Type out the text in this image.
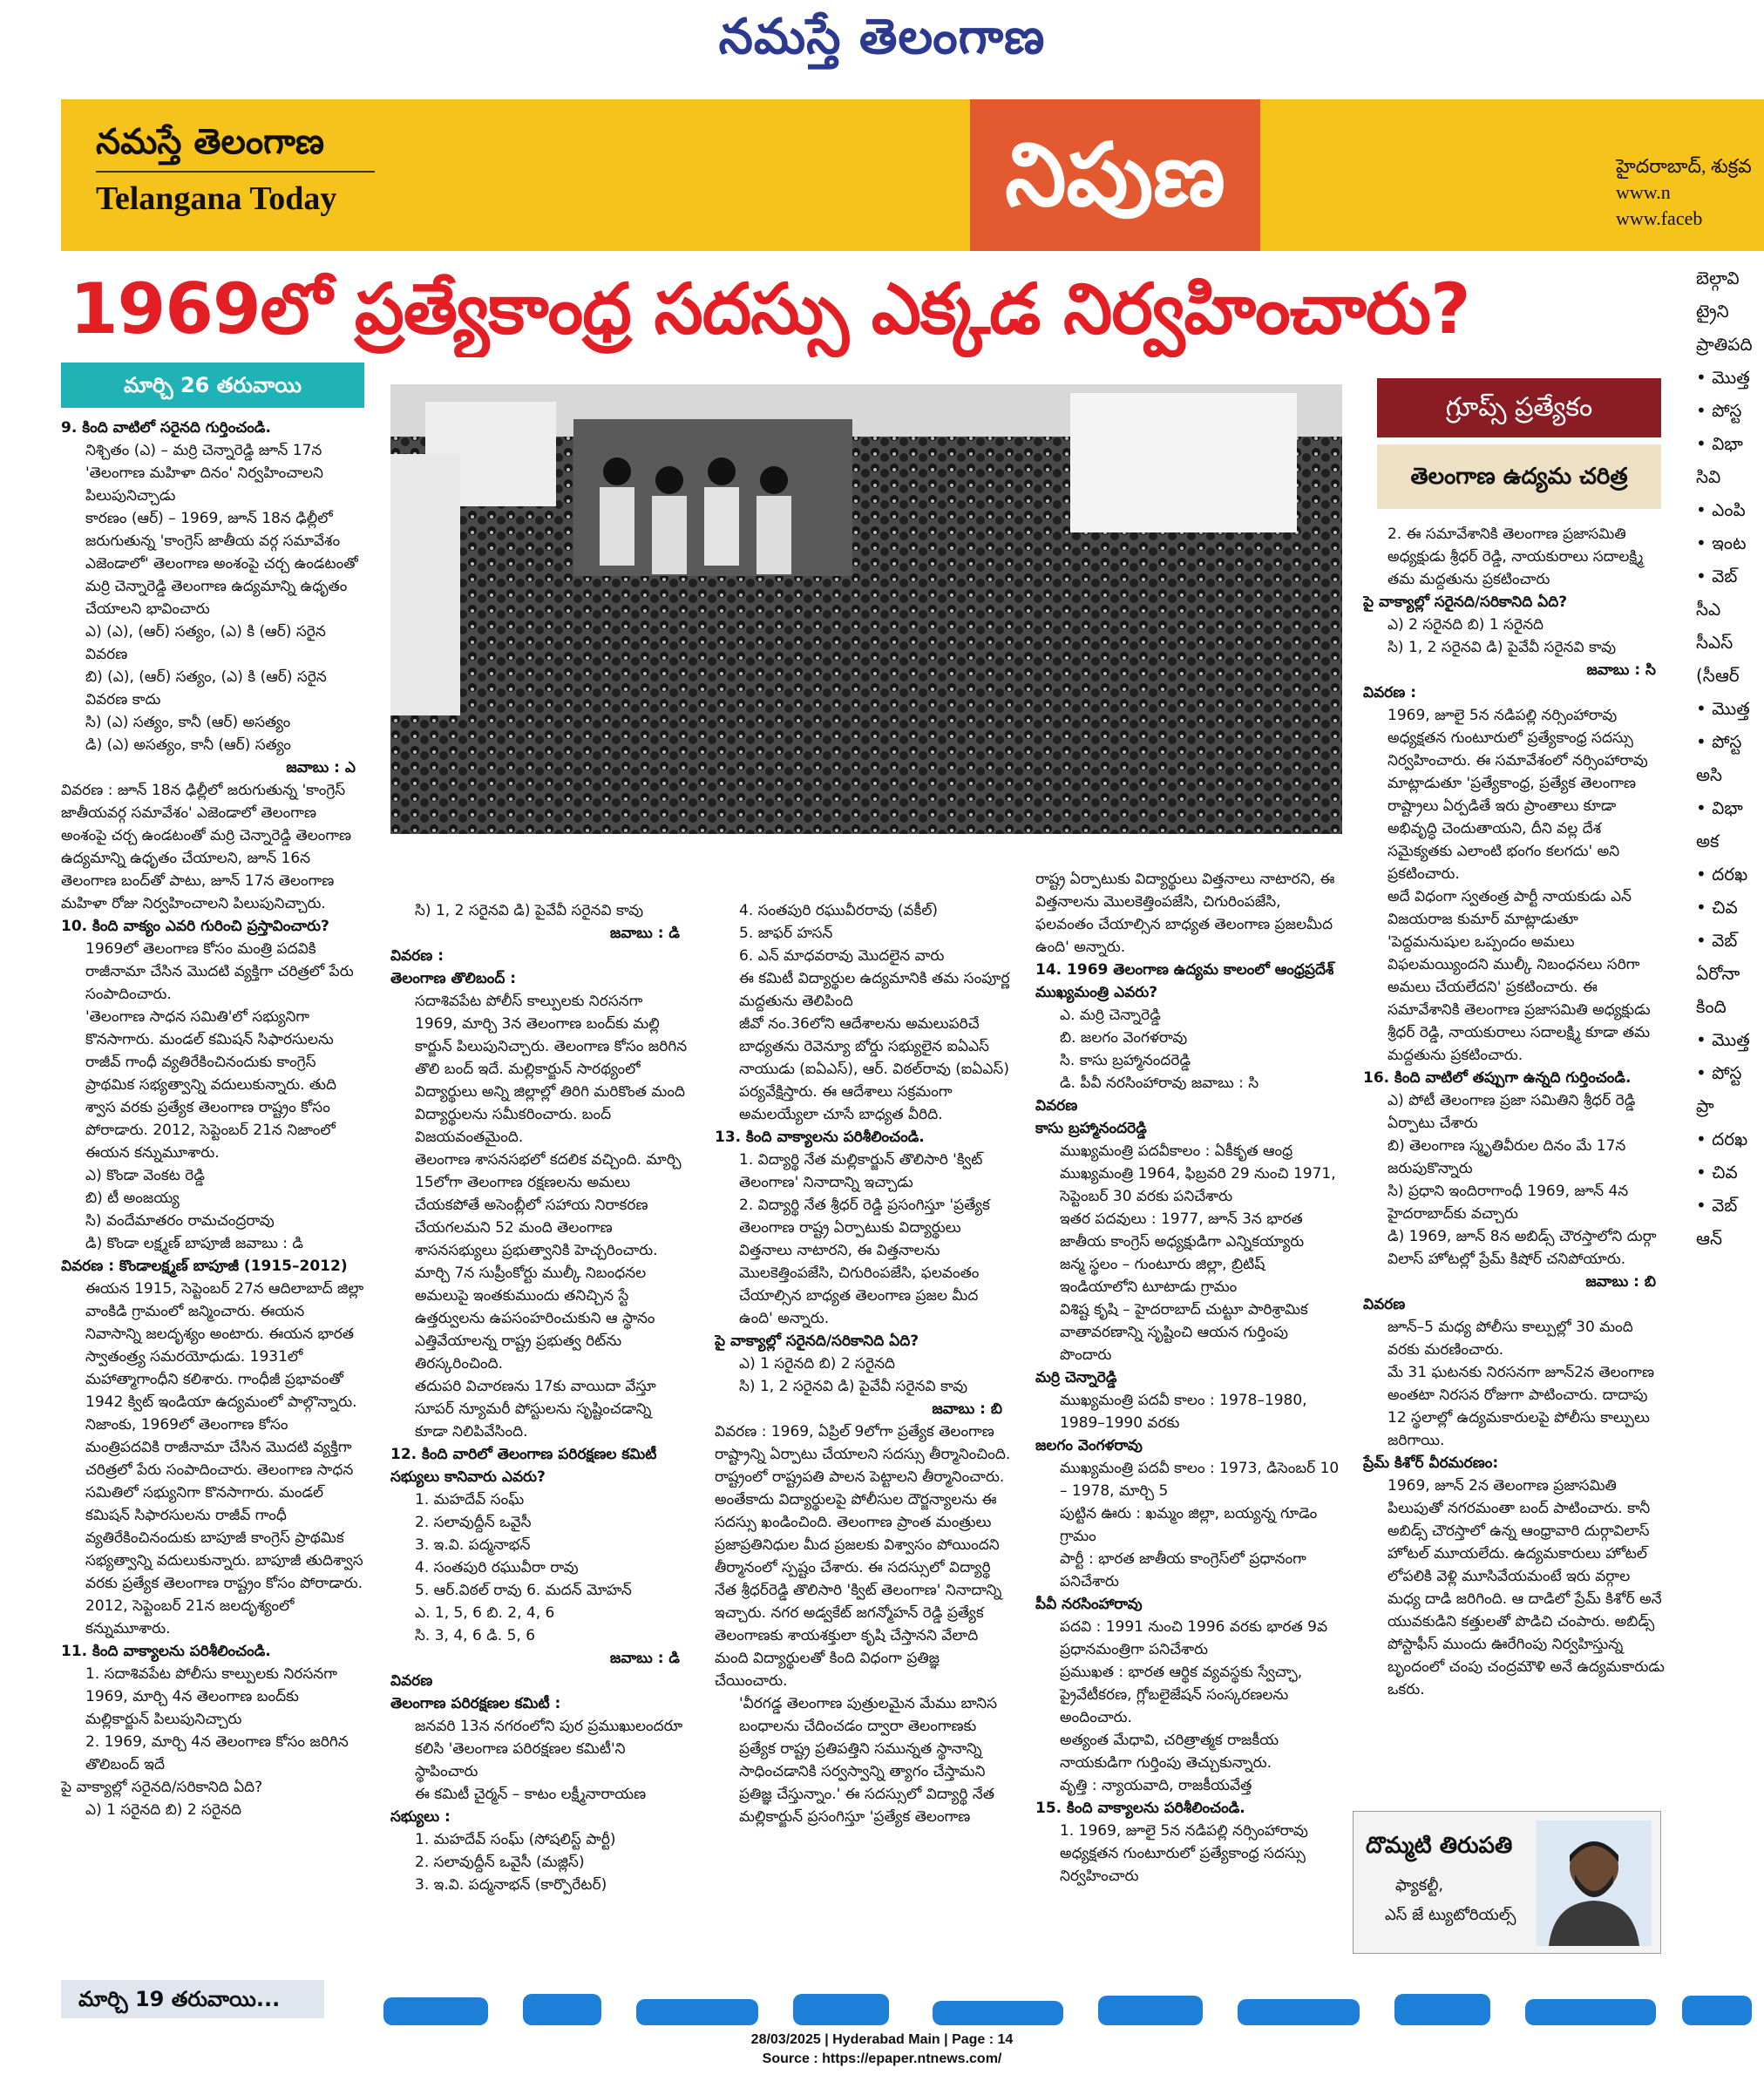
నమస్తే తెలంగాణ
నమస్తే తెలంగాణ
Telangana Today	నిపుణ	హైదరాబాద్, శుక్రవ
www.n
www.faceb
1969లో ప్రత్యేకాంధ్ర సదస్సు ఎక్కడ నిర్వహించారు?
మార్చి 26 తరువాయి
గ్రూప్స్ ప్రత్యేకం
తెలంగాణ ఉద్యమ చరిత్ర

9. కింది వాటిలో సరైనది గుర్తించండి.

నిశ్చితం (ఎ) – మర్రి చెన్నారెడ్డి జూన్ 17న 'తెలంగాణ మహిళా దినం' నిర్వహించాలని పిలుపునిచ్చాడు

కారణం (ఆర్) – 1969, జూన్ 18న ఢిల్లీలో జరుగుతున్న 'కాంగ్రెస్ జాతీయ వర్గ సమావేశం ఎజెండాలో' తెలంగాణ అంశంపై చర్చ ఉండటంతో మర్రి చెన్నారెడ్డి తెలంగాణ ఉద్యమాన్ని ఉధృతం చేయాలని భావించారు

ఎ) (ఎ), (ఆర్) సత్యం, (ఎ) కి (ఆర్) సరైన వివరణ

బి) (ఎ), (ఆర్) సత్యం, (ఎ) కి (ఆర్) సరైన వివరణ కాదు

సి) (ఎ) సత్యం, కానీ (ఆర్) అసత్యం

డి) (ఎ) అసత్యం, కానీ (ఆర్) సత్యం

జవాబు : ఎ

వివరణ : జూన్ 18న ఢిల్లీలో జరుగుతున్న 'కాంగ్రెస్ జాతీయవర్గ సమావేశం' ఎజెండాలో తెలంగాణ అంశంపై చర్చ ఉండటంతో మర్రి చెన్నారెడ్డి తెలంగాణ ఉద్యమాన్ని ఉధృతం చేయాలని, జూన్ 16న తెలంగాణ బంద్‌తో పాటు, జూన్ 17న తెలంగాణ మహిళా రోజు నిర్వహించాలని పిలుపునిచ్చారు.

10. కింది వాక్యం ఎవరి గురించి ప్రస్తావించారు?

1969లో తెలంగాణ కోసం మంత్రి పదవికి రాజీనామా చేసిన మొదటి వ్యక్తిగా చరిత్రలో పేరు సంపాదించారు.

'తెలంగాణ సాధన సమితి'లో సభ్యునిగా కొనసాగారు. మండల్ కమిషన్ సిఫారసులను రాజీవ్ గాంధీ వ్యతిరేకించినందుకు కాంగ్రెస్ ప్రాథమిక సభ్యత్వాన్ని వదులుకున్నారు. తుది శ్వాస వరకు ప్రత్యేక తెలంగాణ రాష్ట్రం కోసం పోరాడారు. 2012, సెప్టెంబర్ 21న నిజాంలో ఈయన కన్నుమూశారు.

ఎ) కొండా వెంకట రెడ్డి

బి) టీ అంజయ్య

సి) వందేమాతరం రామచంద్రరావు

డి) కొండా లక్ష్మణ్ బాపూజీ జవాబు : డి

వివరణ : కొండాలక్ష్మణ్ బాపూజీ (1915–2012)

ఈయన 1915, సెప్టెంబర్ 27న ఆదిలాబాద్ జిల్లా వాంకిడి గ్రామంలో జన్మించారు. ఈయన నివాసాన్ని జలదృశ్యం అంటారు. ఈయన భారత స్వాతంత్ర్య సమరయోధుడు. 1931లో మహాత్మాగాంధీని కలిశారు. గాంధీజీ ప్రభావంతో 1942 క్విట్ ఇండియా ఉద్యమంలో పాల్గొన్నారు. నిజాంకు, 1969లో తెలంగాణ కోసం మంత్రిపదవికి రాజీనామా చేసిన మొదటి వ్యక్తిగా చరిత్రలో పేరు సంపాదించారు. తెలంగాణ సాధన సమితిలో సభ్యునిగా కొనసాగారు. మండల్ కమిషన్ సిఫారసులను రాజీవ్ గాంధీ వ్యతిరేకించినందుకు బాపూజీ కాంగ్రెస్ ప్రాథమిక సభ్యత్వాన్ని వదులుకున్నారు. బాపూజీ తుదిశ్వాస వరకు ప్రత్యేక తెలంగాణ రాష్ట్రం కోసం పోరాడారు. 2012, సెప్టెంబర్ 21న జలదృశ్యంలో కన్నుమూశారు.

11. కింది వాక్యాలను పరిశీలించండి.

1. సదాశివపేట పోలీసు కాల్పులకు నిరసనగా 1969, మార్చి 4న తెలంగాణ బంద్‌కు మల్లికార్జున్ పిలుపునిచ్చారు

2. 1969, మార్చి 4న తెలంగాణ కోసం జరిగిన తొలిబంద్ ఇదే

పై వాక్యాల్లో సరైనది/సరికానిది ఏది?

ఎ) 1 సరైనది బి) 2 సరైనది

సి) 1, 2 సరైనవి డి) పైవేవీ సరైనవి కావు

జవాబు : డి

వివరణ :

తెలంగాణ తొలిబంద్ :

సదాశివపేట పోలీస్ కాల్పులకు నిరసనగా 1969, మార్చి 3న తెలంగాణ బంద్‌కు మల్లి కార్జున్ పిలుపునిచ్చారు. తెలంగాణ కోసం జరిగిన తొలి బంద్ ఇదే. మల్లికార్జున్ సారథ్యంలో విద్యార్థులు అన్ని జిల్లాల్లో తిరిగి మరికొంత మంది విద్యార్థులను సమీకరించారు. బంద్ విజయవంతమైంది.

తెలంగాణ శాసనసభలో కదలిక వచ్చింది. మార్చి 15లోగా తెలంగాణ రక్షణలను అమలు చేయకపోతే అసెంబ్లీలో సహాయ నిరాకరణ చేయగలమని 52 మంది తెలంగాణ శాసనసభ్యులు ప్రభుత్వానికి హెచ్చరించారు. మార్చి 7న సుప్రీంకోర్టు ముల్కీ నిబంధనల అమలుపై ఇంతకుముందు తనిచ్చిన స్టే ఉత్తర్వులను ఉపసంహరించుకుని ఆ స్థానం ఎత్తివేయాలన్న రాష్ట్ర ప్రభుత్వ రిట్‌ను తిరస్కరించింది.

తదుపరి విచారణను 17కు వాయిదా వేస్తూ సూపర్ న్యూమరీ పోస్టులను సృష్టించడాన్ని కూడా నిలిపివేసింది.

12. కింది వారిలో తెలంగాణ పరిరక్షణల కమిటీ సభ్యులు కానివారు ఎవరు?

1. మహదేవ్ సంఘ్

2. సలావుద్దీన్ ఒవైసీ

3. ఇ.వి. పద్మనాభన్

4. సంతపురి రఘువీరా రావు

5. ఆర్.విఠల్ రావు 6. మదన్ మోహన్

ఎ. 1, 5, 6 బి. 2, 4, 6

సి. 3, 4, 6 డి. 5, 6

జవాబు : డి

వివరణ

తెలంగాణ పరిరక్షణల కమిటీ :

జనవరి 13న నగరంలోని పుర ప్రముఖులందరూ కలిసి 'తెలంగాణ పరిరక్షణల కమిటీ'ని స్థాపించారు

ఈ కమిటీ చైర్మన్ – కాటం లక్ష్మీనారాయణ

సభ్యులు :

1. మహదేవ్ సంఘ్ (సోషలిస్ట్ పార్టీ)

2. సలావుద్దీన్ ఒవైసీ (మజ్లిస్)

3. ఇ.వి. పద్మనాభన్ (కార్పొరేటర్)

4. సంతపురి రఘువీరరావు (వకీల్)

5. జాఫర్ హసన్

6. ఎన్ మాధవరావు మొదలైన వారు

ఈ కమిటీ విద్యార్థుల ఉద్యమానికి తమ సంపూర్ణ మద్దతును తెలిపింది

జీవో నం.36లోని ఆదేశాలను అమలుపరిచే బాధ్యతను రెవెన్యూ బోర్డు సభ్యులైన ఐఏఎస్ నాయుడు (ఐఏఎస్), ఆర్. విఠల్‌రావు (ఐఏఎస్) పర్యవేక్షిస్తారు. ఈ ఆదేశాలు సక్రమంగా అమలయ్యేలా చూసే బాధ్యత వీరిది.

13. కింది వాక్యాలను పరిశీలించండి.

1. విద్యార్థి నేత మల్లికార్జున్ తొలిసారి 'క్విట్ తెలంగాణ' నినాదాన్ని ఇచ్చాడు

2. విద్యార్థి నేత శ్రీధర్ రెడ్డి ప్రసంగిస్తూ 'ప్రత్యేక తెలంగాణ రాష్ట్ర ఏర్పాటుకు విద్యార్థులు విత్తనాలు నాటారని, ఈ విత్తనాలను మొలకెత్తింపజేసి, చిగురింపజేసి, ఫలవంతం చేయాల్సిన బాధ్యత తెలంగాణ ప్రజల మీద ఉంది' అన్నారు.

పై వాక్యాల్లో సరైనది/సరికానిది ఏది?

ఎ) 1 సరైనది బి) 2 సరైనది

సి) 1, 2 సరైనవి డి) పైవేవీ సరైనవి కావు

జవాబు : బి

వివరణ : 1969, ఏప్రిల్ 9లోగా ప్రత్యేక తెలంగాణ రాష్ట్రాన్ని ఏర్పాటు చేయాలని సదస్సు తీర్మానించింది. రాష్ట్రంలో రాష్ట్రపతి పాలన పెట్టాలని తీర్మానించారు. అంతేకాదు విద్యార్థులపై పోలీసుల దౌర్జన్యాలను ఈ సదస్సు ఖండించింది. తెలంగాణ ప్రాంత మంత్రులు ప్రజాప్రతినిధుల మీద ప్రజలకు విశ్వాసం పోయిందని తీర్మానంలో స్పష్టం చేశారు. ఈ సదస్సులో విద్యార్థి నేత శ్రీధర్‌రెడ్డి తొలిసారి 'క్విట్ తెలంగాణ' నినాదాన్ని ఇచ్చారు. నగర అడ్వకేట్ జగన్మోహన్ రెడ్డి ప్రత్యేక తెలంగాణకు శాయశక్తులా కృషి చేస్తానని వేలాది మంది విద్యార్థులతో కింది విధంగా ప్రతిజ్ఞ చేయించారు.

'వీరగడ్డ తెలంగాణ పుత్రులమైన మేము బానిస బంధాలను చేదించడం ద్వారా తెలంగాణకు ప్రత్యేక రాష్ట్ర ప్రతిపత్తిని సమున్నత స్థానాన్ని సాధించడానికి సర్వస్వాన్ని త్యాగం చేస్తామని ప్రతిజ్ఞ చేస్తున్నాం.' ఈ సదస్సులో విద్యార్థి నేత మల్లికార్జున్ ప్రసంగిస్తూ 'ప్రత్యేక తెలంగాణ

రాష్ట్ర ఏర్పాటుకు విద్యార్థులు విత్తనాలు నాటారని, ఈ విత్తనాలను మొలకెత్తింపజేసి, చిగురింపజేసి, ఫలవంతం చేయాల్సిన బాధ్యత తెలంగాణ ప్రజలమీద ఉంది' అన్నారు.

14. 1969 తెలంగాణ ఉద్యమ కాలంలో ఆంధ్రప్రదేశ్ ముఖ్యమంత్రి ఎవరు?

ఎ. మర్రి చెన్నారెడ్డి

బి. జలగం వెంగళరావు

సి. కాసు బ్రహ్మానందరెడ్డి

డి. పీవీ నరసింహారావు జవాబు : సి

వివరణ

కాసు బ్రహ్మానందరెడ్డి

ముఖ్యమంత్రి పదవీకాలం : ఏకీకృత ఆంధ్ర ముఖ్యమంత్రి 1964, ఫిబ్రవరి 29 నుంచి 1971, సెప్టెంబర్ 30 వరకు పనిచేశారు

ఇతర పదవులు : 1977, జూన్ 3న భారత జాతీయ కాంగ్రెస్ అధ్యక్షుడిగా ఎన్నికయ్యారు

జన్మ స్థలం – గుంటూరు జిల్లా, బ్రిటిష్ ఇండియాలోని టూటాడు గ్రామం

విశిష్ట కృషి – హైదరాబాద్ చుట్టూ పారిశ్రామిక వాతావరణాన్ని సృష్టించి ఆయన గుర్తింపు పొందారు

మర్రి చెన్నారెడ్డి

ముఖ్యమంత్రి పదవీ కాలం : 1978–1980, 1989–1990 వరకు

జలగం వెంగళరావు

ముఖ్యమంత్రి పదవీ కాలం : 1973, డిసెంబర్ 10 – 1978, మార్చి 5

పుట్టిన ఊరు : ఖమ్మం జిల్లా, బయ్యన్న గూడెం గ్రామం

పార్టీ : భారత జాతీయ కాంగ్రెస్‌లో ప్రధానంగా పనిచేశారు

పీవీ నరసింహారావు

పదవి : 1991 నుంచి 1996 వరకు భారత 9వ ప్రధానమంత్రిగా పనిచేశారు

ప్రముఖత : భారత ఆర్థిక వ్యవస్థకు స్వేచ్ఛా, ప్రైవేటీకరణ, గ్లోబలైజేషన్ సంస్కరణలను అందించారు.

అత్యంత మేధావి, చరిత్రాత్మక రాజకీయ నాయకుడిగా గుర్తింపు తెచ్చుకున్నారు.

వృత్తి : న్యాయవాది, రాజకీయవేత్త

15. కింది వాక్యాలను పరిశీలించండి.

1. 1969, జూలై 5న నడిపల్లి నర్సింహారావు అధ్యక్షతన గుంటూరులో ప్రత్యేకాంధ్ర సదస్సు నిర్వహించారు

2. ఈ సమావేశానికి తెలంగాణ ప్రజాసమితి అధ్యక్షుడు శ్రీధర్ రెడ్డి, నాయకురాలు సదాలక్ష్మి తమ మద్దతును ప్రకటించారు

పై వాక్యాల్లో సరైనది/సరికానిది ఏది?

ఎ) 2 సరైనది బి) 1 సరైనది

సి) 1, 2 సరైనవి డి) పైవేవీ సరైనవి కావు

జవాబు : సి

వివరణ :

1969, జూలై 5న నడిపల్లి నర్సింహారావు అధ్యక్షతన గుంటూరులో ప్రత్యేకాంధ్ర సదస్సు నిర్వహించారు. ఈ సమావేశంలో నర్సింహారావు మాట్లాడుతూ 'ప్రత్యేకాంధ్ర, ప్రత్యేక తెలంగాణ రాష్ట్రాలు ఏర్పడితే ఇరు ప్రాంతాలు కూడా అభివృద్ధి చెందుతాయని, దీని వల్ల దేశ సమైక్యతకు ఎలాంటి భంగం కలగదు' అని ప్రకటించారు.

అదే విధంగా స్వతంత్ర పార్టీ నాయకుడు ఎన్ విజయరాజ కుమార్ మాట్లాడుతూ 'పెద్దమనుషుల ఒప్పందం అమలు విఫలమయ్యిందని ముల్కీ నిబంధనలు సరిగా అమలు చేయలేదని' ప్రకటించారు. ఈ సమావేశానికి తెలంగాణ ప్రజాసమితి అధ్యక్షుడు శ్రీధర్ రెడ్డి, నాయకురాలు సదాలక్ష్మి కూడా తమ మద్దతును ప్రకటించారు.

16. కింది వాటిలో తప్పుగా ఉన్నది గుర్తించండి.

ఎ) పోటీ తెలంగాణ ప్రజా సమితిని శ్రీధర్ రెడ్డి ఏర్పాటు చేశారు

బి) తెలంగాణ స్మృతివీరుల దినం మే 17న జరుపుకొన్నారు

సి) ప్రధాని ఇందిరాగాంధీ 1969, జూన్ 4న హైదరాబాద్‌కు వచ్చారు

డి) 1969, జూన్ 8న అబిడ్స్ చౌరస్తాలోని దుర్గా విలాస్ హోటల్లో ప్రేమ్ కిషోర్ చనిపోయారు.

జవాబు : బి

వివరణ

జూన్–5 మధ్య పోలీసు కాల్పుల్లో 30 మంది వరకు మరణించారు.

మే 31 ఘటనకు నిరసనగా జూన్2న తెలంగాణ అంతటా నిరసన రోజుగా పాటించారు. దాదాపు 12 స్థలాల్లో ఉద్యమకారులపై పోలీసు కాల్పులు జరిగాయి.

ప్రేమ్ కిశోర్ వీరమరణం:

1969, జూన్ 2న తెలంగాణ ప్రజాసమితి పిలుపుతో నగరమంతా బంద్ పాటించారు. కానీ అబిడ్స్ చౌరస్తాలో ఉన్న ఆంధ్రావారి దుర్గావిలాస్ హోటల్ మూయలేదు. ఉద్యమకారులు హోటల్ లోపలికి వెళ్లి మూసివేయమంటే ఇరు వర్గాల మధ్య దాడి జరిగింది. ఆ దాడిలో ప్రేమ్ కిశోర్ అనే యువకుడిని కత్తులతో పొడిచి చంపారు. అబిడ్స్ పోస్టాఫీస్ ముందు ఊరేగింపు నిర్వహిస్తున్న బృందంలో చంపు చంద్రమౌళి అనే ఉద్యమకారుడు ఒకరు.

దొమ్మటి తిరుపతి
ఫ్యాకల్టీ,
ఎస్ జే ట్యుటోరియల్స్
బెల్గావి
ట్రైని
ప్రాతిపది
• మొత్త
• పోస్ట
• విభా
సివి
• ఎంపి
• ఇంట
• వెబ్
సీఎ
సీఎస్
(సీఆర్
• మొత్త
• పోస్ట
అసి
• విభా
అక
• దరఖ
• చివ
• వెబ్
ఏరోనా
కింది
• మొత్త
• పోస్ట
ప్రా
• దరఖ
• చివ
• వెబ్
ఆన్
మార్చి 19 తరువాయి...
28/03/2025 | Hyderabad Main | Page : 14
Source : https://epaper.ntnews.com/
